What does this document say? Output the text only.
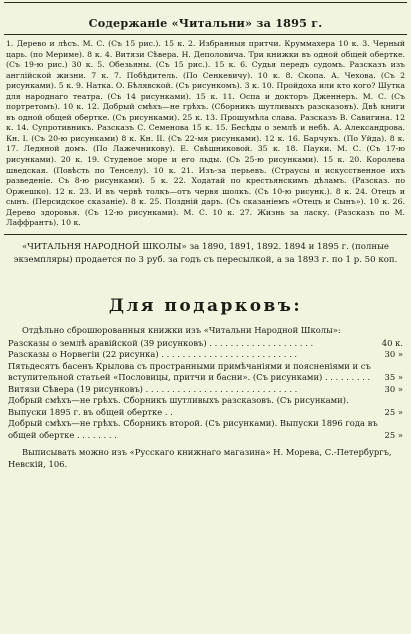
Содержаніе «Читальни» за 1895 г.
1. Дерево и лѣсъ. М. С. (Съ 15 рис.). 15 к. 2. Избранныя притчи. Круммахера 10 к. 3. Черный царь. (по Мериме). 8 к. 4. Витязи Сѣвера. Н. Деполовича. Три книжки въ одной общей обертке. (Съ 19-ю рис.) 30 к. 5. Обезьяны. (Съ 15 рис.). 15 к. 6. Судья передъ судомъ. Разсказъ изъ англійской жизни. 7 к. 7. Побѣдитель. (По Сенкевичу). 10 к. 8. Скопа. А. Чехова. (Съ 2 рисунками). 5 к. 9. Натка. О. Бѣлявской. (Съ рисункомъ). 3 к. 10. Пройдоха или кто кого? Шутка для народнаго театра. (Съ 14 рисунками). 15 к. 11. Оспа и докторъ Дженнеръ. М. С. (Съ портретомъ). 10 к. 12. Добрый смѣхъ—не грѣхъ. (Сборникъ шутливыхъ разсказовъ). Двѣ книги въ одной общей обертке. (Съ рисунками). 25 к. 13. Прошумѣла слава. Разсказъ В. Савигина. 12 к. 14. Супротивникъ. Разсказъ С. Семенова 15 к. 15. Бесѣды о землѣ и небѣ. А. Александрова. Кн. I. (Съ 20-ю рисунками) 8 к. Кн. II. (Съ 22-мя рисунками). 12 к. 16. Барчукъ. (По Уйда). 8 к. 17. Ледяной домъ. (По Лажечникову). Е. Свѣшниковой. 35 к. 18. Пауки. М. С. (Съ 17-ю рисунками). 20 к. 19. Студеное море и его льды. (Съ 25-ю рисунками). 15 к. 20. Королева шведская. (Повѣсть по Тенселу). 10 к. 21. Изъ-за перьевъ. (Страусы и искусственное ихъ разведеніе. Съ 8-ю рисунками). 5 к. 22. Ходатай по крестьянскимъ дѣламъ. (Разсказ. по Оржешко). 12 к. 23. И въ червѣ толкъ—отъ червя шолкъ. (Съ 10-ю рисунк.). 8 к. 24. Отецъ и сынъ. (Персидское сказаніе). 8 к. 25. Поздній даръ. (Съ сказаніемъ «Отецъ и Сынъ»). 10 к. 26. Дерево здоровья. (Съ 12-ю рисунками). М. С. 10 к. 27. Жизнь за ласку. (Разсказъ по М. Лаффрантъ). 10 к.
«ЧИТАЛЬНЯ НАРОДНОЙ ШКОЛЫ» за 1890, 1891, 1892. 1894 и 1895 г. (полные экземпляры) продается по 3 руб. за годъ съ пересылкой, а за 1893 г. по 1 р. 50 коп.
Для подарковъ:
Отдѣльно сброшюрованныя книжки изъ «Читальни Народной Школы»:
Разсказы о землѣ аравійской (39 рисунковъ) . . . . . . . . . . . . . . . . . . . .	40 к.
Разсказы о Норвегіи (22 рисунка) . . . . . . . . . . . . . . . . . . . . . . . . . .	30 »
Пятьдесятъ басенъ Крылова съ пространными примѣчаніями и поясненіями и съ вступительной статьей «Пословицы, притчи и басни». (Съ рисунками) . . . . . . . . .	35 »
Витязи Сѣвера (19 рисунковъ) . . . . . . . . . . . . . . . . . . . . . . . . . . . . .	30 »
Добрый смѣхъ—не грѣхъ. Сборникъ шутливыхъ разсказовъ. (Съ рисунками). Выпуски 1895 г. въ общей обертке . .	25 »
Добрый смѣхъ—не грѣхъ. Сборникъ второй. (Съ рисунками). Выпуски 1896 года въ общей обертке . . . . . . . .	25 »
Выписывать можно изъ «Русскаго книжнаго магазина» Н. Морева, С.-Петербургъ, Невскій, 106.
